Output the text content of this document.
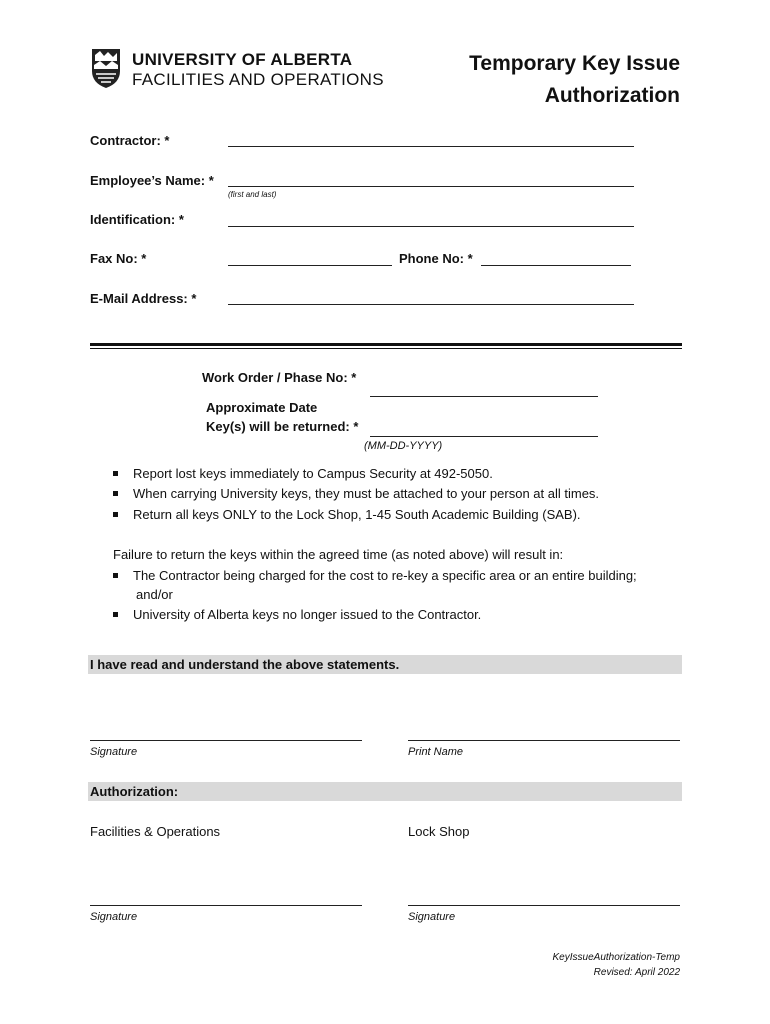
UNIVERSITY OF ALBERTA
FACILITIES AND OPERATIONS
Temporary Key Issue
Authorization
Contractor: *
Employee’s Name: *
(first and last)
Identification: *
Fax No: *	Phone No: *
E-Mail Address: *
Work Order / Phase No: *
Approximate Date
Key(s) will be returned: *
(MM-DD-YYYY)
Report lost keys immediately to Campus Security at 492-5050.
When carrying University keys, they must be attached to your person at all times.
Return all keys ONLY to the Lock Shop, 1-45 South Academic Building (SAB).
Failure to return the keys within the agreed time (as noted above) will result in:
The Contractor being charged for the cost to re-key a specific area or an entire building;
and/or
University of Alberta keys no longer issued to the Contractor.
I have read and understand the above statements.
Signature	Print Name
Authorization:
Facilities & Operations	Lock Shop
Signature	Signature
KeyIssueAuthorization-Temp
Revised: April 2022
